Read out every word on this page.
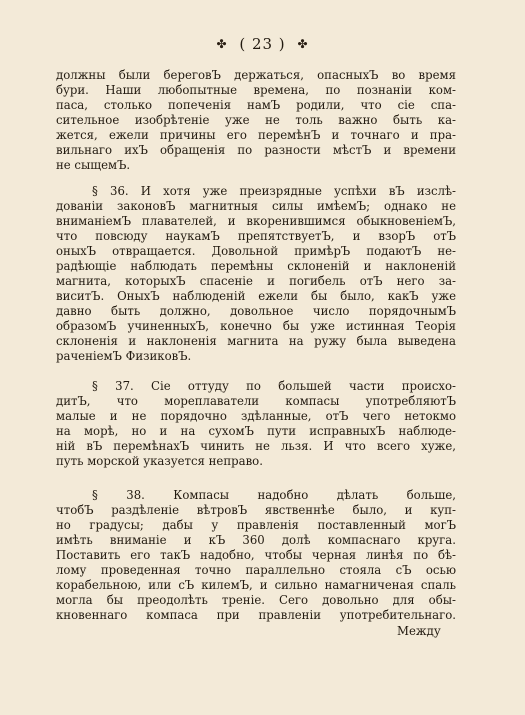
✤ ( 23 ) ✤
должны были береговЪ держаться, опасныхЪ во время
бури. Наши любопытные времена, по познаніи ком-
паса, столько попеченія намЪ родили, что сіе спа-
сительное изобрѣтеніе уже не толь важно быть ка-
жется, ежели причины его перемѣнЪ и точнаго и пра-
вильнаго ихЪ обращенія по разности мѣстЪ и времени
не сыщемЪ.
§ 36. И хотя уже преизрядные успѣхи вЪ изслѣ-
дованіи законовЪ магнитныя силы имѣемЪ; однако не
вниманіемЪ плавателей, и вкоренившимся обыкновеніемЪ,
что повсюду наукамЪ препятствуетЪ, и взорЪ отЪ
оныхЪ отвращается. Довольной примѣрЪ подаютЪ не-
радѣющіе наблюдать перемѣны склоненій и наклоненій
магнита, которыхЪ спасеніе и погибель отЪ него за-
виситЪ. ОныхЪ наблюденій ежели бы было, какЪ уже
давно быть должно, довольное число порядочнымЪ
образомЪ учиненныхЪ, конечно бы уже истинная Теорія
склоненія и наклоненія магнита на ружу была выведена
раченіемЪ ФизиковЪ.
§ 37. Сіе оттуду по большей части происхо-
дитЪ, что мореплаватели компасы употребляютЪ
малые и не порядочно здѣланные, отЪ чего нетокмо
на морѣ, но и на сухомЪ пути исправныхЪ наблюде-
ній вЪ перемѣнахЪ чинить не льзя. И что всего хуже,
путь морской указуется неправо.
§ 38. Компасы надобно дѣлать больше,
чтобЪ раздѣленіе вѣтровЪ явственнѣе было, и куп-
но градусы; дабы у правленія поставленный могЪ
имѣть вниманіе и кЪ 360 долѣ компаснаго круга.
Поставить его такЪ надобно, чтобы черная линѣя по бѣ-
лому проведенная точно параллельно стояла сЪ осью
корабельною, или сЪ килемЪ, и сильно намагниченая спаль
могла бы преодолѣть треніе. Сего довольно для обы-
кновеннаго компаса при правленіи употребительнаго.
Между
